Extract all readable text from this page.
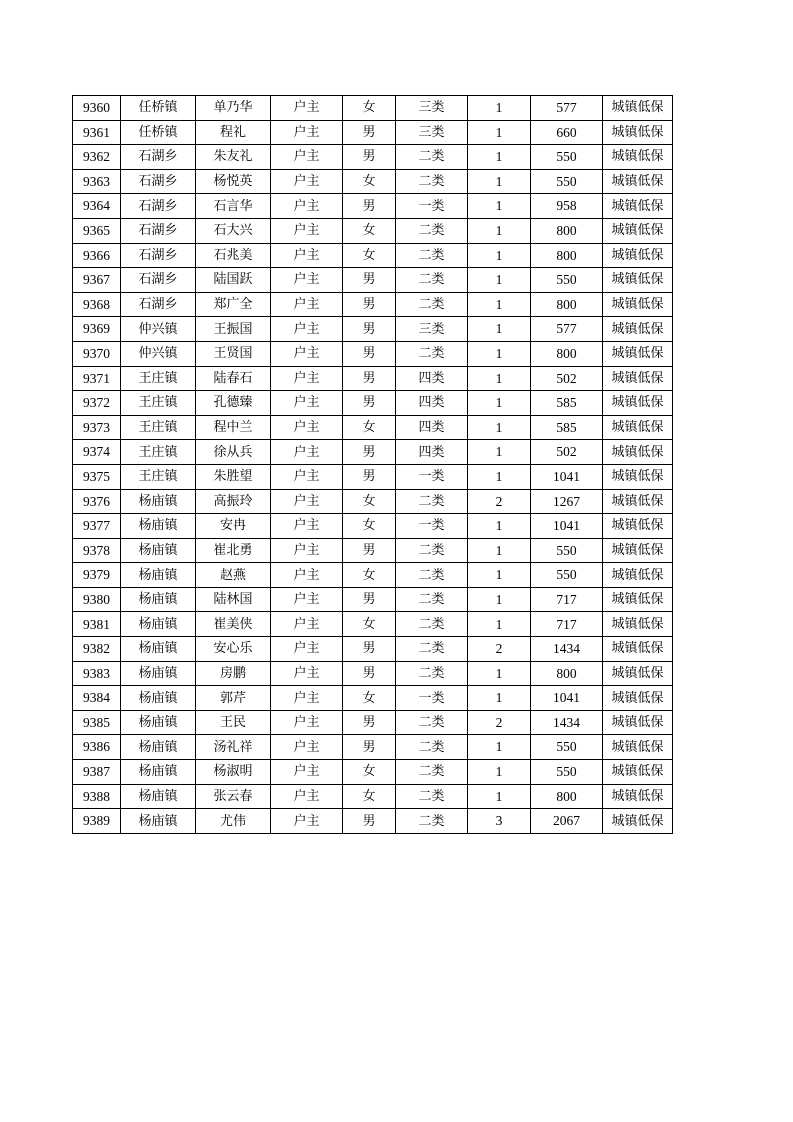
9360	任桥镇	单乃华	户主	女	三类	1	577	城镇低保
9361	任桥镇	程礼	户主	男	三类	1	660	城镇低保
9362	石湖乡	朱友礼	户主	男	二类	1	550	城镇低保
9363	石湖乡	杨悦英	户主	女	二类	1	550	城镇低保
9364	石湖乡	石言华	户主	男	一类	1	958	城镇低保
9365	石湖乡	石大兴	户主	女	二类	1	800	城镇低保
9366	石湖乡	石兆美	户主	女	二类	1	800	城镇低保
9367	石湖乡	陆国跃	户主	男	二类	1	550	城镇低保
9368	石湖乡	郑广全	户主	男	二类	1	800	城镇低保
9369	仲兴镇	王振国	户主	男	三类	1	577	城镇低保
9370	仲兴镇	王贤国	户主	男	二类	1	800	城镇低保
9371	王庄镇	陆春石	户主	男	四类	1	502	城镇低保
9372	王庄镇	孔德臻	户主	男	四类	1	585	城镇低保
9373	王庄镇	程中兰	户主	女	四类	1	585	城镇低保
9374	王庄镇	徐从兵	户主	男	四类	1	502	城镇低保
9375	王庄镇	朱胜望	户主	男	一类	1	1041	城镇低保
9376	杨庙镇	高振玲	户主	女	二类	2	1267	城镇低保
9377	杨庙镇	安冉	户主	女	一类	1	1041	城镇低保
9378	杨庙镇	崔北勇	户主	男	二类	1	550	城镇低保
9379	杨庙镇	赵燕	户主	女	二类	1	550	城镇低保
9380	杨庙镇	陆林国	户主	男	二类	1	717	城镇低保
9381	杨庙镇	崔美侠	户主	女	二类	1	717	城镇低保
9382	杨庙镇	安心乐	户主	男	二类	2	1434	城镇低保
9383	杨庙镇	房鹏	户主	男	二类	1	800	城镇低保
9384	杨庙镇	郭芹	户主	女	一类	1	1041	城镇低保
9385	杨庙镇	王民	户主	男	二类	2	1434	城镇低保
9386	杨庙镇	汤礼祥	户主	男	二类	1	550	城镇低保
9387	杨庙镇	杨淑明	户主	女	二类	1	550	城镇低保
9388	杨庙镇	张云春	户主	女	二类	1	800	城镇低保
9389	杨庙镇	尤伟	户主	男	二类	3	2067	城镇低保
